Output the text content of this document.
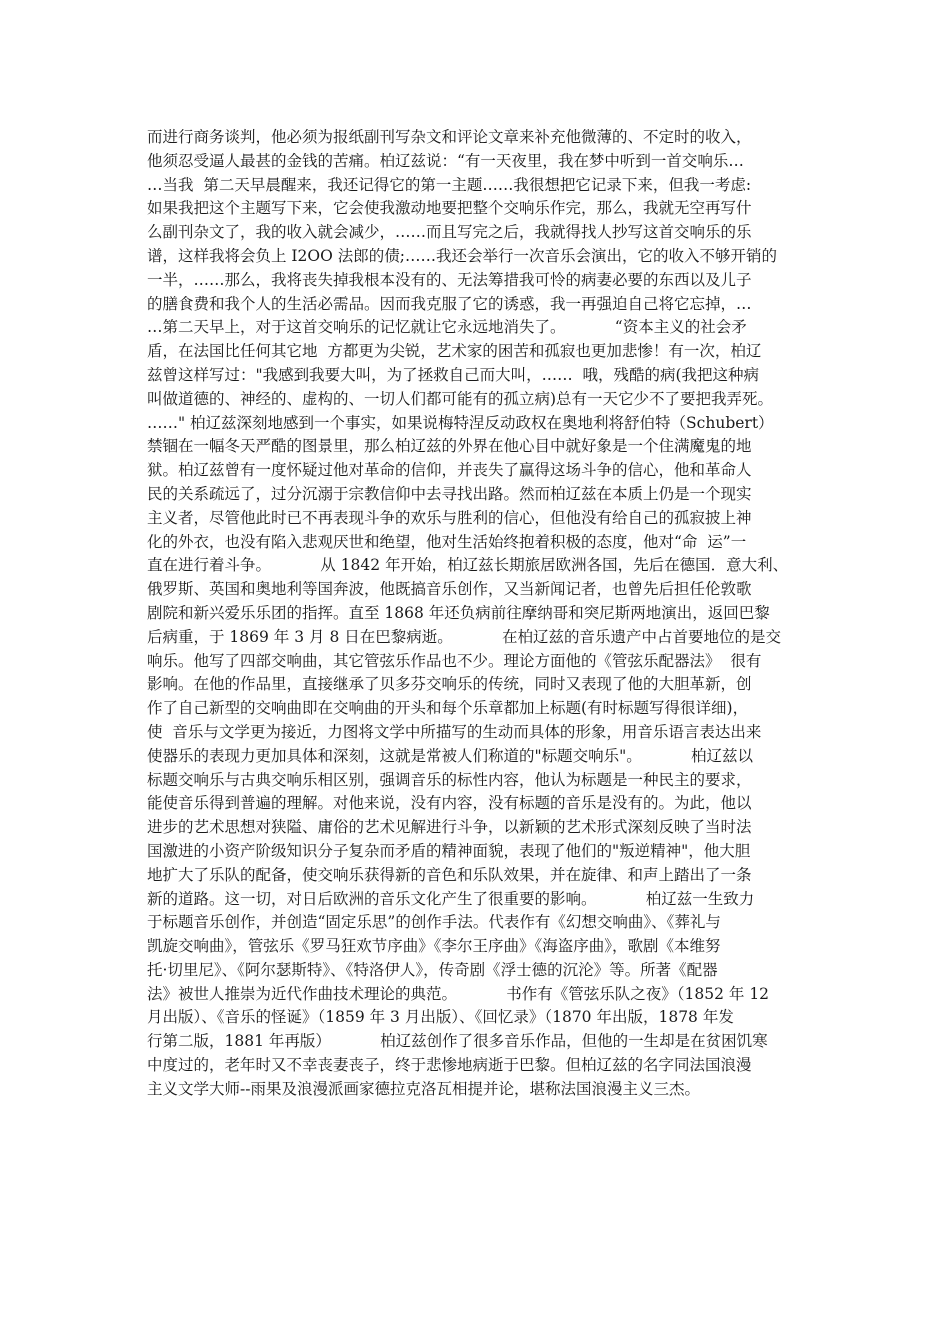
而进行商务谈判，他必须为报纸副刊写杂文和评论文章来补充他微薄的、不定时的收入，
他须忍受逼人最甚的金钱的苦痛。柏辽兹说：“有一天夜里，我在梦中听到一首交响乐…
…当我  第二天早晨醒来，我还记得它的第一主题……我很想把它记录下来，但我一考虑:
如果我把这个主题写下来，它会使我激动地要把整个交响乐作完，那么，我就无空再写什
么副刊杂文了，我的收入就会减少，……而且写完之后，我就得找人抄写这首交响乐的乐
谱，这样我将会负上 I2OO 法郎的债;……我还会举行一次音乐会演出，它的收入不够开销的
一半，……那么，我将丧失掉我根本没有的、无法筹措我可怜的病妻必要的东西以及儿子
的膳食费和我个人的生活必需品。因而我克服了它的诱惑，我一再强迫自己将它忘掉，…
…第二天早上，对于这首交响乐的记忆就让它永远地消失了。          “资本主义的社会矛
盾，在法国比任何其它地  方都更为尖锐，艺术家的困苦和孤寂也更加悲惨！有一次，柏辽
兹曾这样写过："我感到我要大叫，为了拯救自己而大叫，……  哦，残酷的病(我把这种病
叫做道德的、神经的、虚构的、一切人们都可能有的孤立病)总有一天它少不了要把我弄死。
……" 柏辽兹深刻地感到一个事实，如果说梅特涅反动政权在奥地利将舒伯特（Schubert）
禁锢在一幅冬天严酷的图景里，那么柏辽兹的外界在他心目中就好象是一个住满魔鬼的地
狱。柏辽兹曾有一度怀疑过他对革命的信仰，并丧失了赢得这场斗争的信心，他和革命人
民的关系疏远了，过分沉溺于宗教信仰中去寻找出路。然而柏辽兹在本质上仍是一个现实
主义者，尽管他此时已不再表现斗争的欢乐与胜利的信心，但他没有给自己的孤寂披上神
化的外衣，也没有陷入悲观厌世和绝望，他对生活始终抱着积极的态度，他对“命  运”一
直在进行着斗争。          从 1842 年开始，柏辽兹长期旅居欧洲各国，先后在德国．意大利、
俄罗斯、英国和奥地利等国奔波，他既搞音乐创作，又当新闻记者，也曾先后担任伦敦歌
剧院和新兴爱乐乐团的指挥。直至 1868 年还负病前往摩纳哥和突尼斯两地演出，返回巴黎
后病重，于 1869 年 3 月 8 日在巴黎病逝。          在柏辽兹的音乐遗产中占首要地位的是交
响乐。他写了四部交响曲，其它管弦乐作品也不少。理论方面他的《管弦乐配器法》  很有
影响。在他的作品里，直接继承了贝多芬交响乐的传统，同时又表现了他的大胆革新，创
作了自己新型的交响曲即在交响曲的开头和每个乐章都加上标题(有时标题写得很详细)，
使  音乐与文学更为接近，力图将文学中所描写的生动而具体的形象，用音乐语言表达出来
使器乐的表现力更加具体和深刻，这就是常被人们称道的"标题交响乐"。          柏辽兹以
标题交响乐与古典交响乐相区别，强调音乐的标性内容，他认为标题是一种民主的要求，
能使音乐得到普遍的理解。对他来说，没有内容，没有标题的音乐是没有的。为此，他以
进步的艺术思想对狭隘、庸俗的艺术见解进行斗争，以新颖的艺术形式深刻反映了当时法
国激进的小资产阶级知识分子复杂而矛盾的精神面貌，表现了他们的"叛逆精神"，他大胆
地扩大了乐队的配备，使交响乐获得新的音色和乐队效果，并在旋律、和声上踏出了一条
新的道路。这一切，对日后欧洲的音乐文化产生了很重要的影响。          柏辽兹一生致力
于标题音乐创作，并创造“固定乐思”的创作手法。代表作有《幻想交响曲》、《葬礼与
凯旋交响曲》，管弦乐《罗马狂欢节序曲》《李尔王序曲》《海盗序曲》，歌剧《本维努
托·切里尼》、《阿尔瑟斯特》、《特洛伊人》，传奇剧《浮士德的沉沦》等。所著《配器
法》被世人推崇为近代作曲技术理论的典范。          书作有《管弦乐队之夜》（1852 年 12
月出版）、《音乐的怪诞》（1859 年 3 月出版）、《回忆录》（1870 年出版，1878 年发
行第二版，1881 年再版）          柏辽兹创作了很多音乐作品，但他的一生却是在贫困饥寒
中度过的，老年时又不幸丧妻丧子，终于悲惨地病逝于巴黎。但柏辽兹的名字同法国浪漫
主义文学大师--雨果及浪漫派画家德拉克洛瓦相提并论，堪称法国浪漫主义三杰。
